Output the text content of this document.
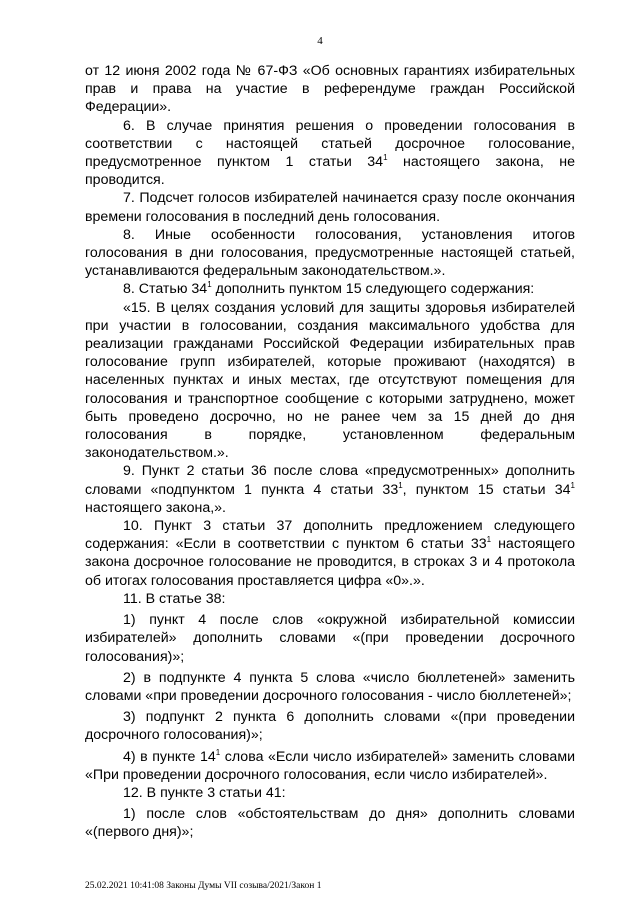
4

от 12 июня 2002 года № 67-ФЗ «Об основных гарантиях избирательных прав и права на участие в референдуме граждан Российской Федерации».

6. В случае принятия решения о проведении голосования в соответствии с настоящей статьей досрочное голосование, предусмотренное пунктом 1 статьи $34^1$ настоящего закона, не проводится.

7. Подсчет голосов избирателей начинается сразу после окончания времени голосования в последний день голосования.

8. Иные особенности голосования, установления итогов голосования в дни голосования, предусмотренные настоящей статьей, устанавливаются федеральным законодательством.».

8. Статью $34^1$ дополнить пунктом 15 следующего содержания:

«15. В целях создания условий для защиты здоровья избирателей при участии в голосовании, создания максимального удобства для реализации гражданами Российской Федерации избирательных прав голосование групп избирателей, которые проживают (находятся) в населенных пунктах и иных местах, где отсутствуют помещения для голосования и транспортное сообщение с которыми затруднено, может быть проведено досрочно, но не ранее чем за 15 дней до дня голосования в порядке, установленном федеральным законодательством.».

9. Пункт 2 статьи 36 после слова «предусмотренных» дополнить словами «подпунктом 1 пункта 4 статьи $33^1$, пунктом 15 статьи $34^1$ настоящего закона,».

10. Пункт 3 статьи 37 дополнить предложением следующего содержания: «Если в соответствии с пунктом 6 статьи $33^1$ настоящего закона досрочное голосование не проводится, в строках 3 и 4 протокола об итогах голосования проставляется цифра «0».».

11. В статье 38:

1) пункт 4 после слов «окружной избирательной комиссии избирателей» дополнить словами «(при проведении досрочного голосования)»;

2) в подпункте 4 пункта 5 слова «число бюллетеней» заменить словами «при проведении досрочного голосования - число бюллетеней»;

3) подпункт 2 пункта 6 дополнить словами «(при проведении досрочного голосования)»;

4) в пункте $14^1$ слова «Если число избирателей» заменить словами «При проведении досрочного голосования, если число избирателей».

12. В пункте 3 статьи 41:

1) после слов «обстоятельствам до дня» дополнить словами «(первого дня)»;

25.02.2021 10:41:08 Законы Думы VII созыва/2021/Закон 1
